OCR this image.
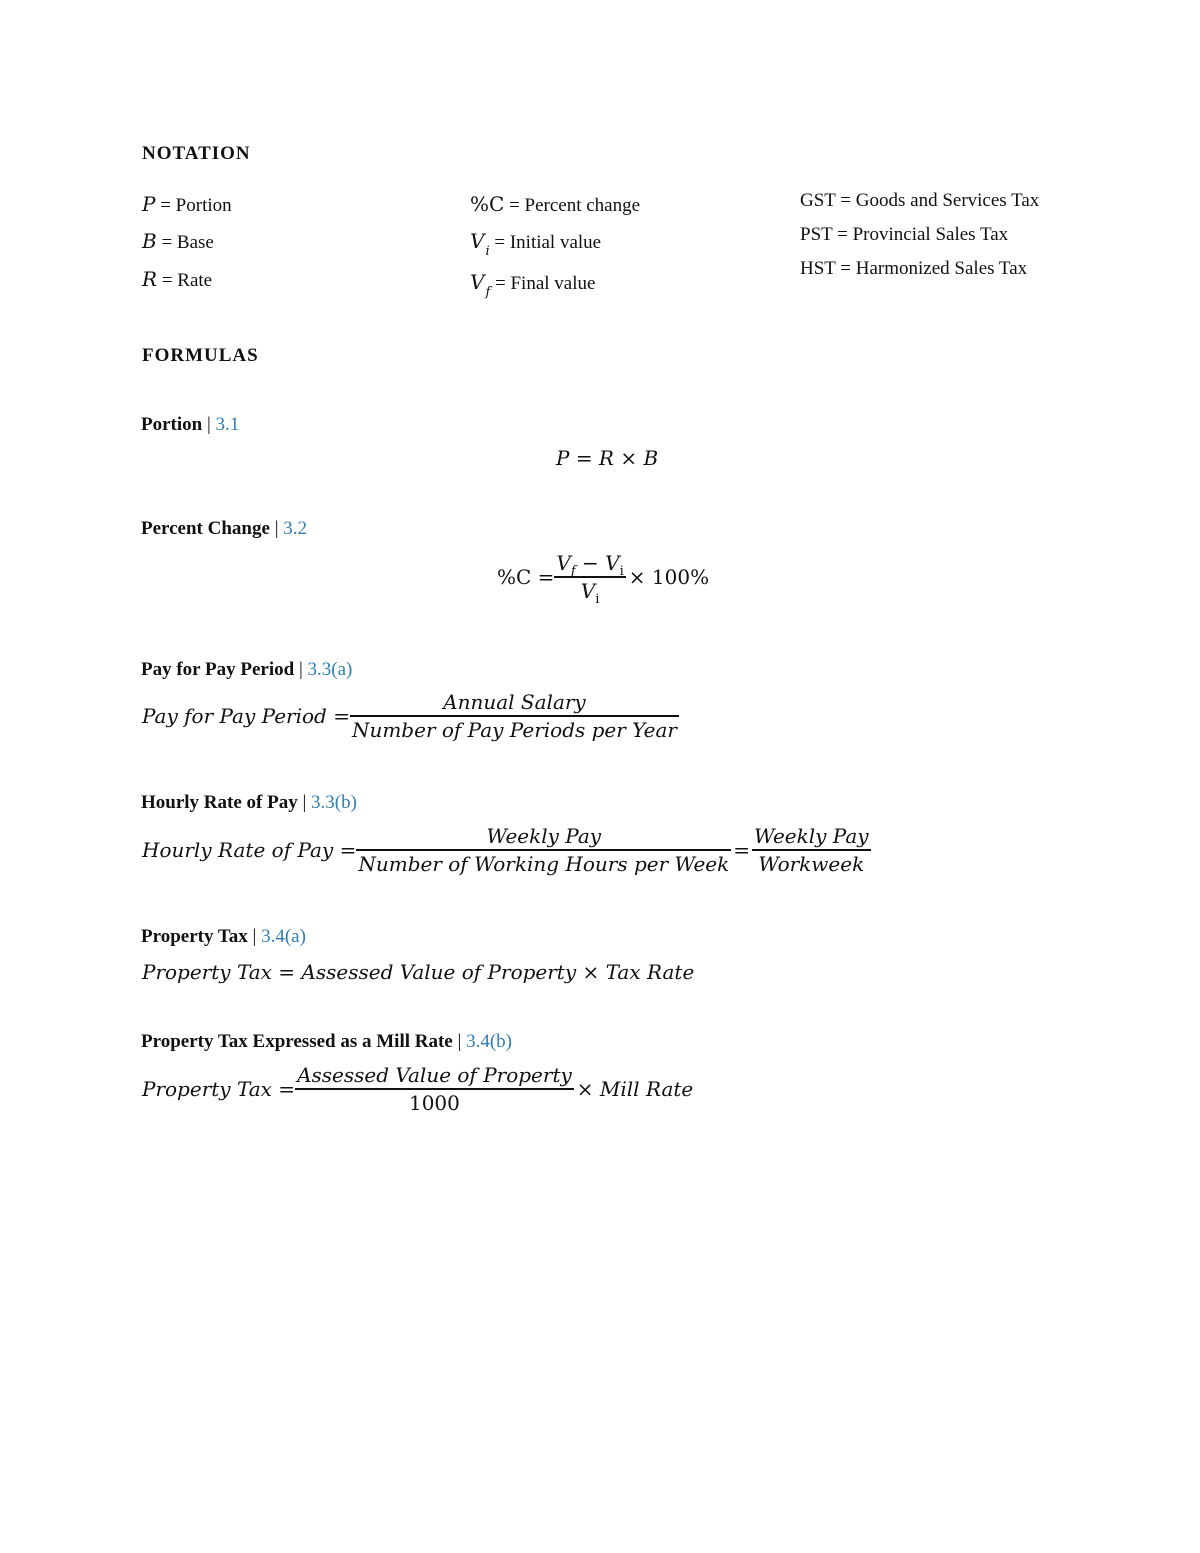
NOTATION
P = Portion
B = Base
R = Rate
%C = Percent change
$V_i$ = Initial value
$V_f$ = Final value
GST = Goods and Services Tax
PST = Provincial Sales Tax
HST = Harmonized Sales Tax
FORMULAS
Portion | 3.1
P = R × B
Percent Change | 3.2
$\%C = \frac{V_f - V_i}{V_i} \times 100\%$
Pay for Pay Period | 3.3(a)
Pay for Pay Period = $\frac{\text{Annual Salary}}{\text{Number of Pay Periods per Year}}$
Hourly Rate of Pay | 3.3(b)
Hourly Rate of Pay = $\frac{\text{Weekly Pay}}{\text{Number of Working Hours per Week}} = \frac{\text{Weekly Pay}}{\text{Workweek}}$
Property Tax | 3.4(a)
Property Tax = Assessed Value of Property × Tax Rate
Property Tax Expressed as a Mill Rate | 3.4(b)
Property Tax = $\frac{\text{Assessed Value of Property}}{1000}$ × Mill Rate
